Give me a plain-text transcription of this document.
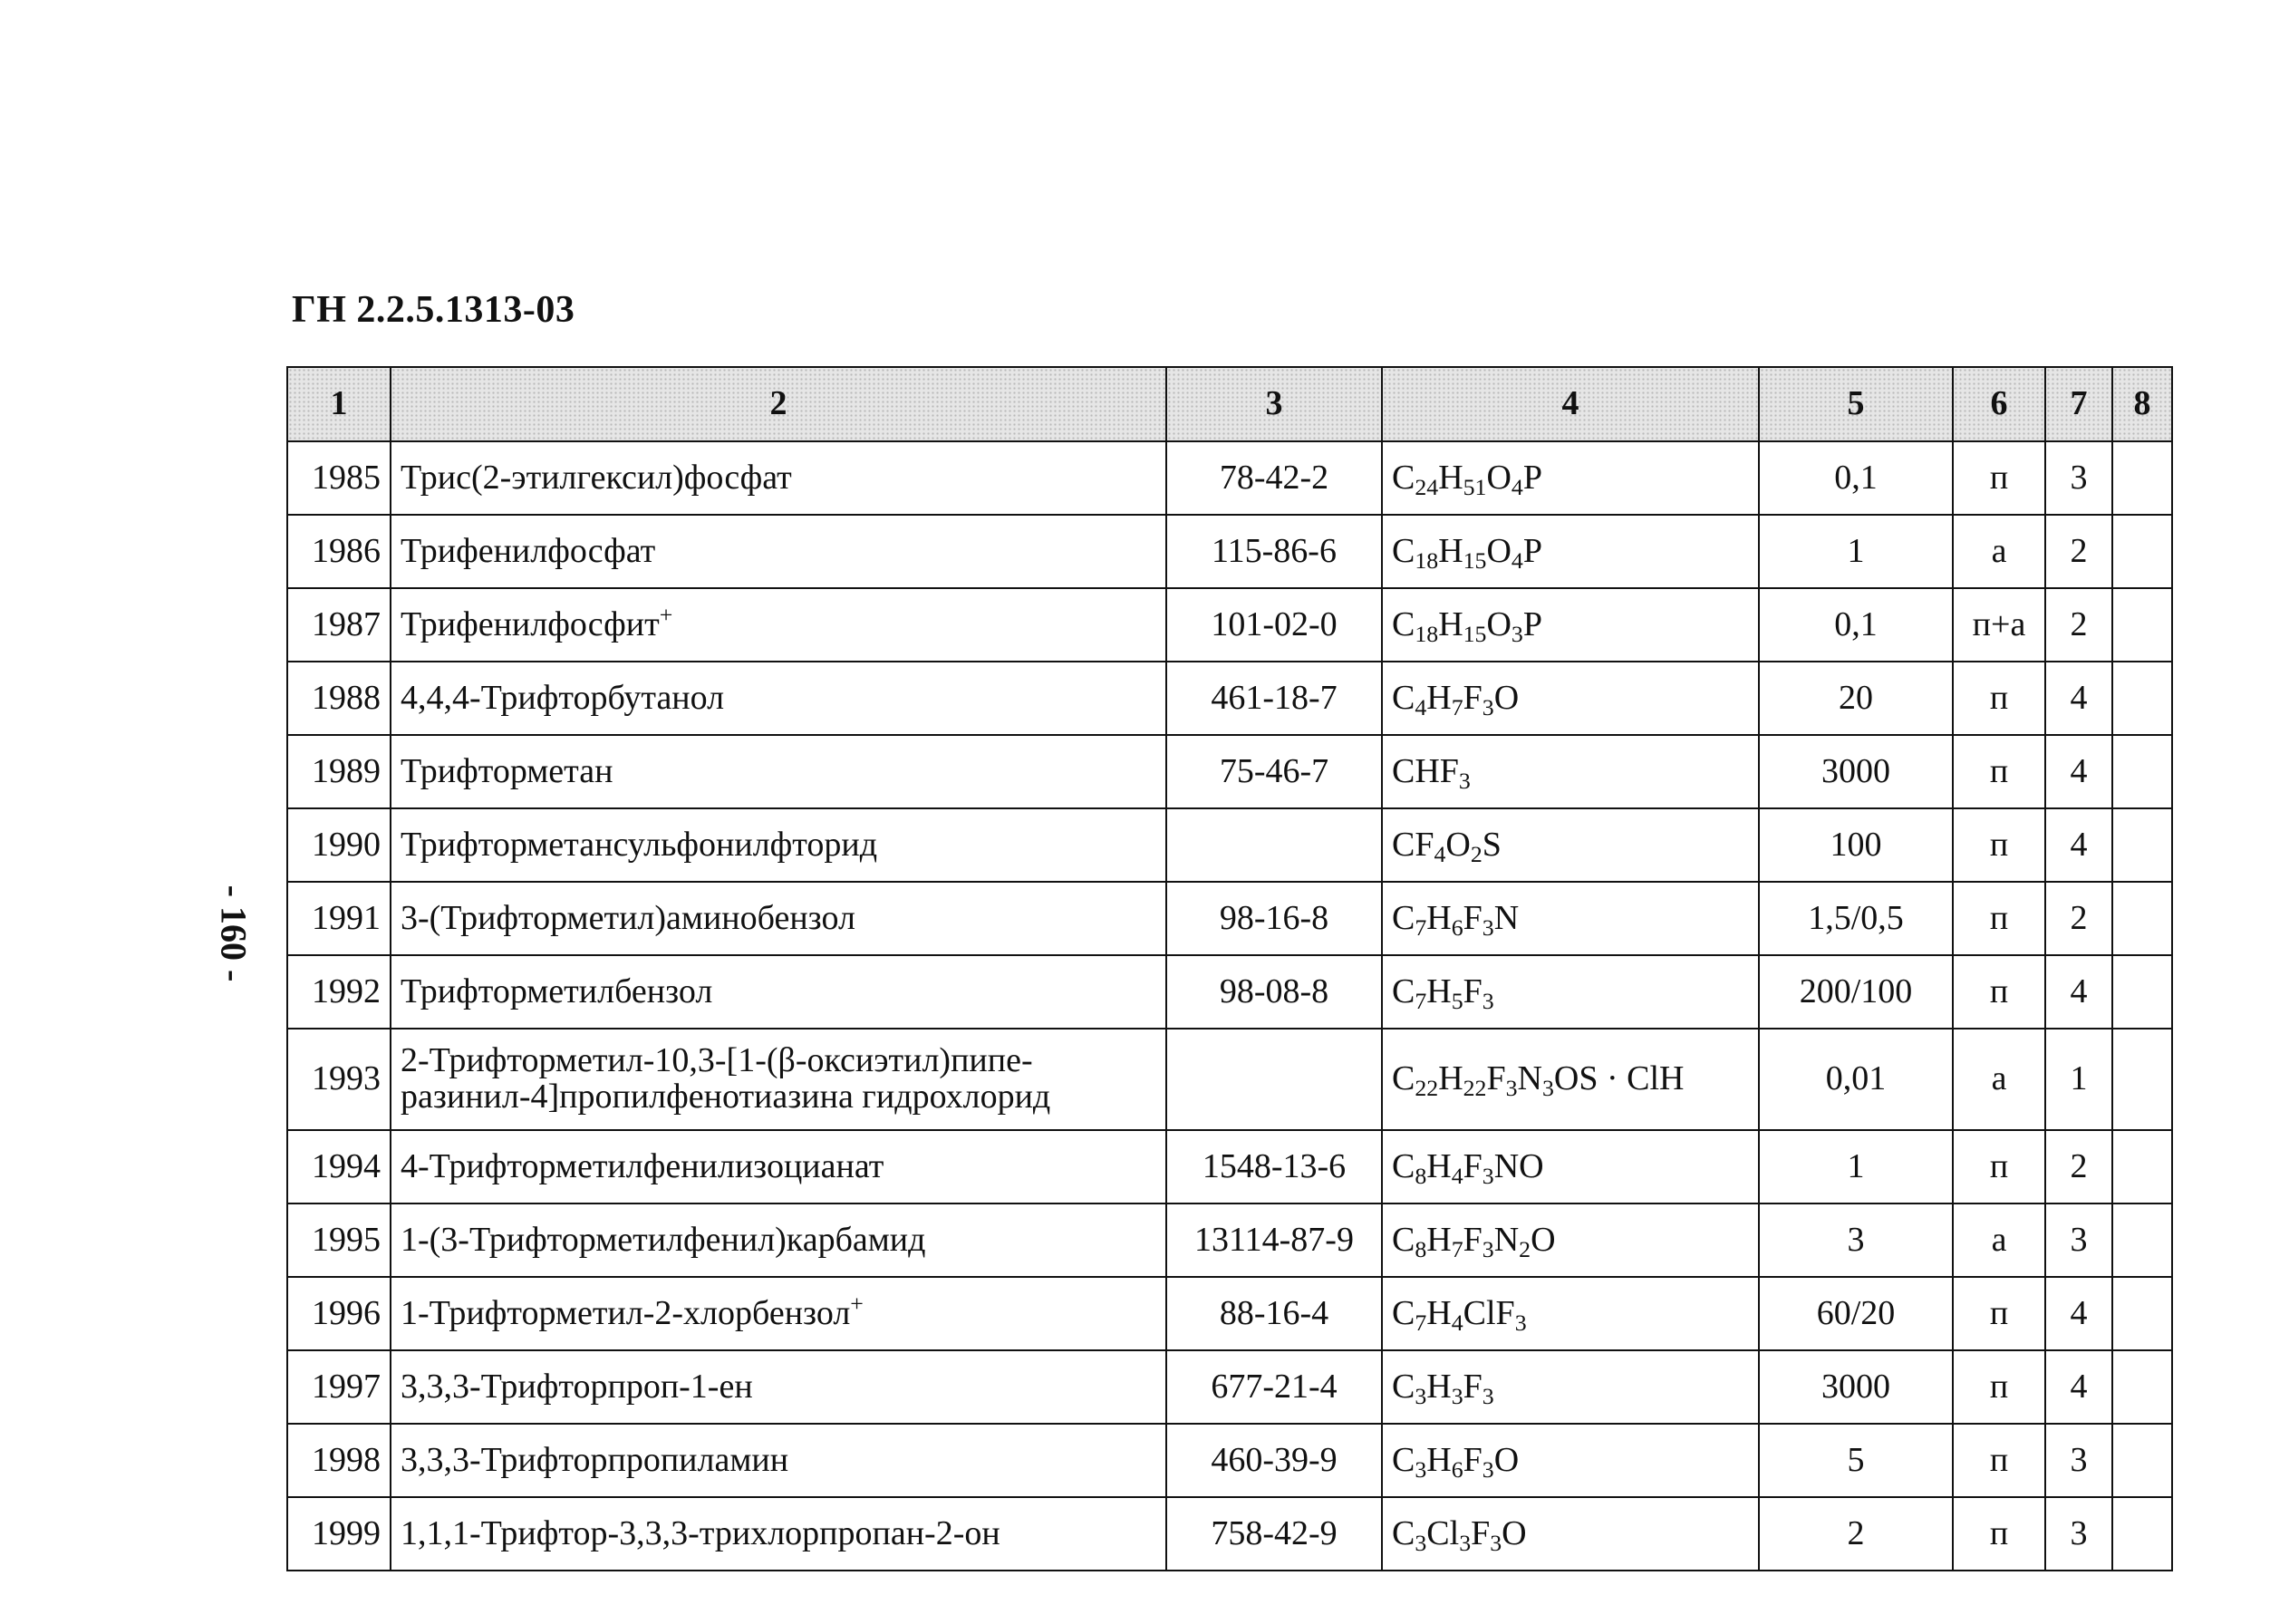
ГН 2.2.5.1313-03
- 160 -
1	2	3	4	5	6	7	8
1985	Трис(2-этилгексил)фосфат	78-42-2	$C_{24}H_{51}O_4P$	0,1	п	3	
1986	Трифенилфосфат	115-86-6	$C_{18}H_{15}O_4P$	1	а	2	
1987	Трифенилфосфит+	101-02-0	$C_{18}H_{15}O_3P$	0,1	п+а	2	
1988	4,4,4-Трифторбутанол	461-18-7	$C_4H_7F_3O$	20	п	4	
1989	Трифторметан	75-46-7	$CHF_3$	3000	п	4	
1990	Трифторметансульфонилфторид		$CF_4O_2S$	100	п	4	
1991	3-(Трифторметил)аминобензол	98-16-8	$C_7H_6F_3N$	1,5/0,5	п	2	
1992	Трифторметилбензол	98-08-8	$C_7H_5F_3$	200/100	п	4	
1993	2-Трифторметил-10,3-[1-(β-оксиэтил)пипе-
разинил-4]пропилфенотиазина гидрохлорид		$C_{22}H_{22}F_3N_3OS$ · ClH	0,01	а	1	
1994	4-Трифторметилфенилизоцианат	1548-13-6	$C_8H_4F_3NO$	1	п	2	
1995	1-(3-Трифторметилфенил)карбамид	13114-87-9	$C_8H_7F_3N_2O$	3	а	3	
1996	1-Трифторметил-2-хлорбензол+	88-16-4	$C_7H_4ClF_3$	60/20	п	4	
1997	3,3,3-Трифторпроп-1-ен	677-21-4	$C_3H_3F_3$	3000	п	4	
1998	3,3,3-Трифторпропиламин	460-39-9	$C_3H_6F_3O$	5	п	3	
1999	1,1,1-Трифтор-3,3,3-трихлорпропан-2-он	758-42-9	$C_3Cl_3F_3O$	2	п	3	
